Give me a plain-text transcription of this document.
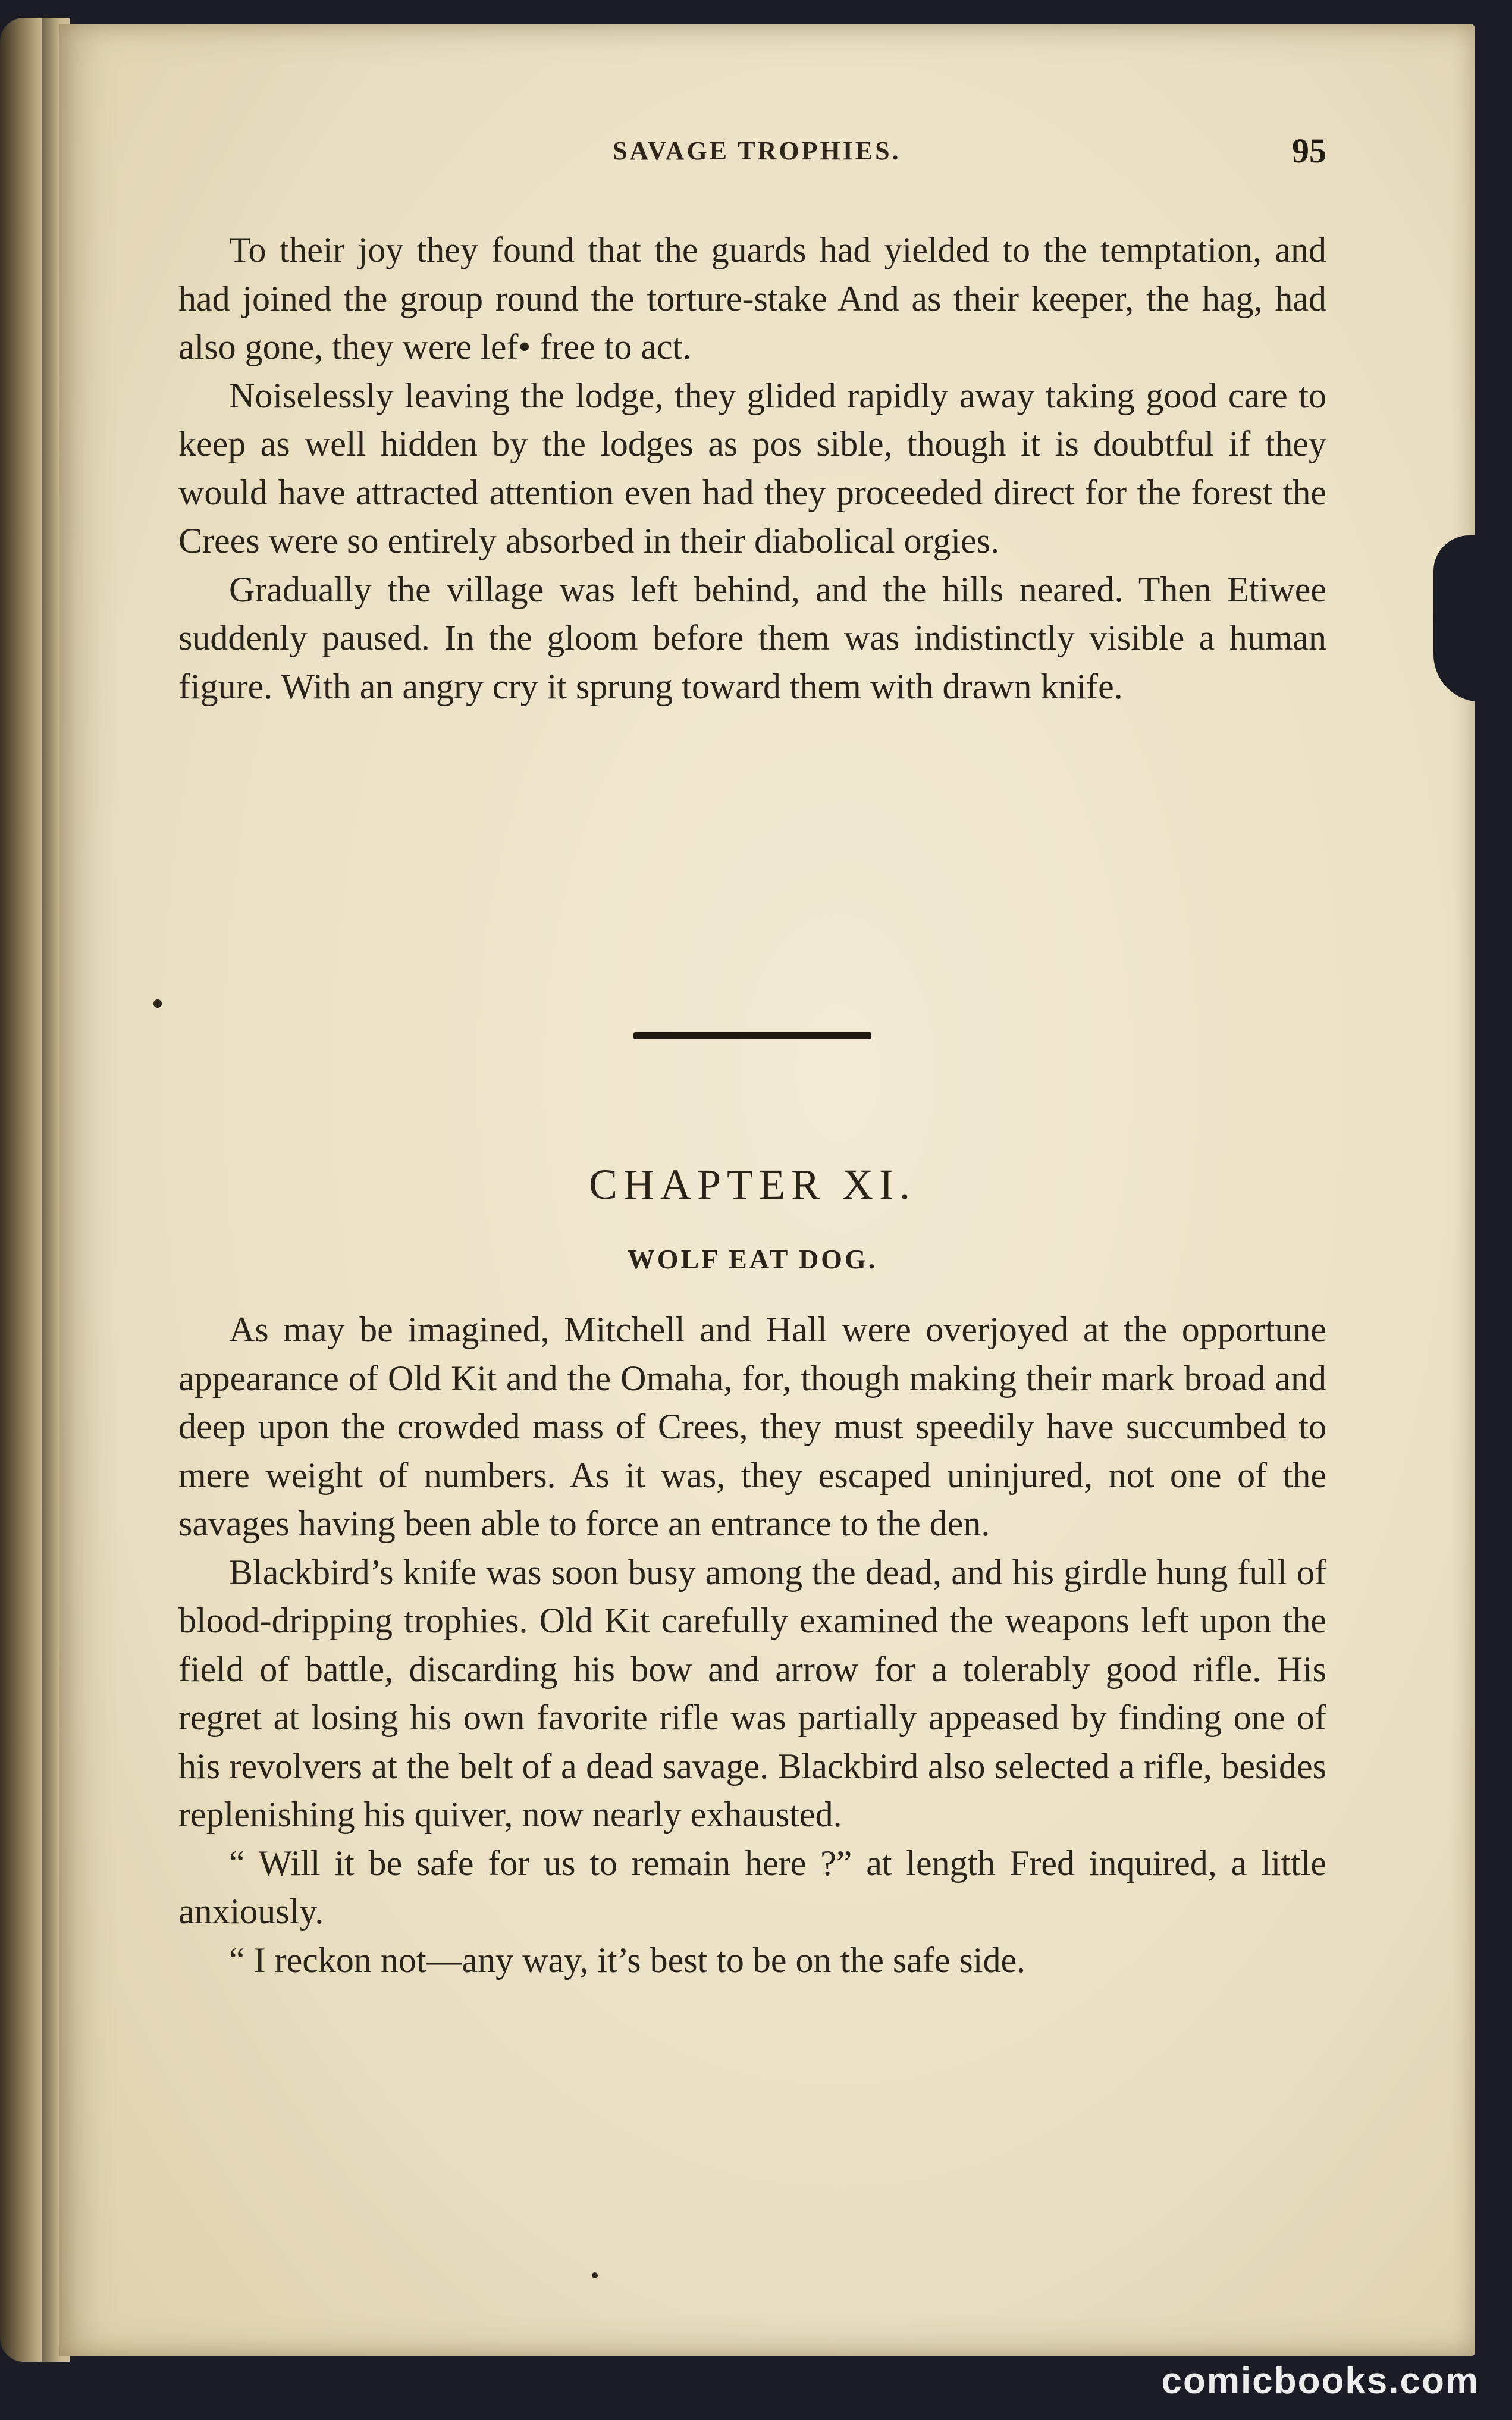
SAVAGE TROPHIES.	95

To their joy they found that the guards had yielded to the temptation, and had joined the group round the torture-stake And as their keeper, the hag, had also gone, they were lef• free to act.

Noiselessly leaving the lodge, they glided rapidly away taking good care to keep as well hidden by the lodges as pos sible, though it is doubtful if they would have attracted attention even had they proceeded direct for the forest the Crees were so entirely absorbed in their diabolical orgies.

Gradually the village was left behind, and the hills neared. Then Etiwee suddenly paused. In the gloom before them was indistinctly visible a human figure. With an angry cry it sprung toward them with drawn knife.

CHAPTER XI.
WOLF EAT DOG.

As may be imagined, Mitchell and Hall were overjoyed at the opportune appearance of Old Kit and the Omaha, for, though making their mark broad and deep upon the crowded mass of Crees, they must speedily have succumbed to mere weight of numbers. As it was, they escaped uninjured, not one of the savages having been able to force an entrance to the den.

Blackbird’s knife was soon busy among the dead, and his girdle hung full of blood-dripping trophies. Old Kit carefully examined the weapons left upon the field of battle, discarding his bow and arrow for a tolerably good rifle. His regret at losing his own favorite rifle was partially appeased by finding one of his revolvers at the belt of a dead savage. Blackbird also selected a rifle, besides replenishing his quiver, now nearly exhausted.

“ Will it be safe for us to remain here ?” at length Fred inquired, a little anxiously.

“ I reckon not—any way, it’s best to be on the safe side.

comicbooks.com
